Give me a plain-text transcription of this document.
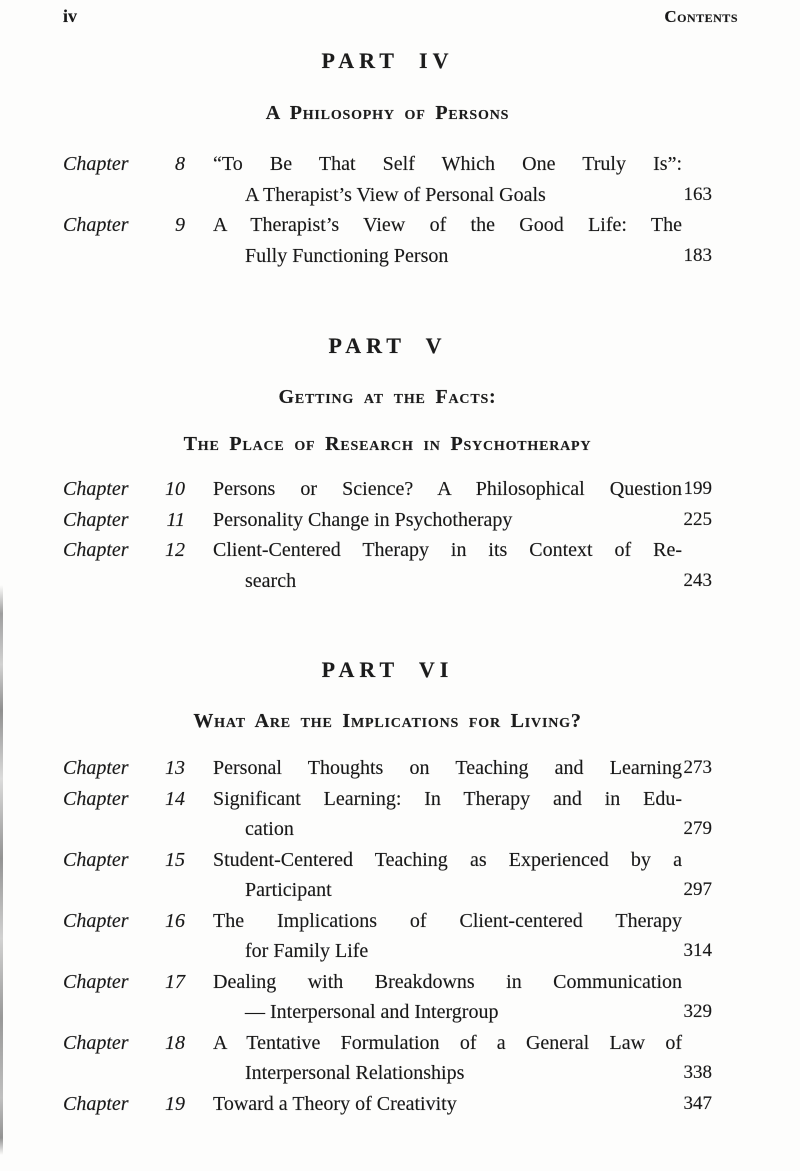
iv	Contents
PART IV
A Philosophy of Persons
Chapter	8 “To Be That Self Which One Truly Is”:
A Therapist’s View of Personal Goals	163
Chapter	9 A Therapist’s View of the Good Life: The
Fully Functioning Person	183
PART V
Getting at the Facts:
The Place of Research in Psychotherapy
Chapter	10 Persons or Science? A Philosophical Question 199
Chapter	11 Personality Change in Psychotherapy	225
Chapter	12 Client-Centered Therapy in its Context of Re-
search	243
PART VI
What Are the Implications for Living?
Chapter	13 Personal Thoughts on Teaching and Learning 273
Chapter	14 Significant Learning: In Therapy and in Edu-
cation	279
Chapter	15 Student-Centered Teaching as Experienced by a
Participant	297
Chapter	16 The Implications of Client-centered Therapy
for Family Life	314
Chapter	17 Dealing with Breakdowns in Communication
— Interpersonal and Intergroup	329
Chapter	18 A Tentative Formulation of a General Law of
Interpersonal Relationships	338
Chapter	19 Toward a Theory of Creativity	347
